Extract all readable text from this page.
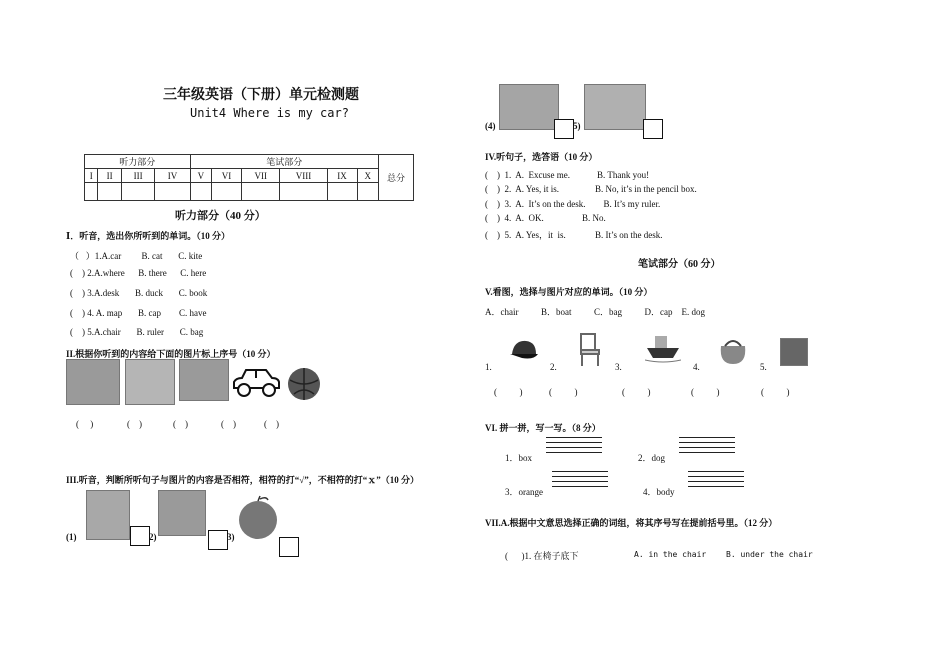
三年级英语（下册）单元检测题
Unit4 Where is my car?
听力部分				笔试部分						总分
I	II	III	IV	V	VI	VII	VIII	IX	X	

听力部分（40 分）
Ⅰ．听音，选出你所听到的单词。（10 分）
（   ）1.A.car         B. cat       C. kite
(    ) 2.A.where      B. there      C. here
(    ) 3.A.desk       B. duck       C. book
(    ) 4. A. map       B. cap        C. have
(    ) 5.A.chair       B. ruler       C. bag
II.根据你听到的内容给下面的图片标上序号（10 分）
(     )	(    )	(    )	(    )	(    )
III.听音，判断所听句子与图片的内容是否相符，相符的打“√”，不相符的打“ｘ”（10 分）
(1)	2)	3)
(4)	5)
IV.听句子，选答语（10 分）
(    )  1.  A.  Excuse me.            B. Thank you!
(    )  2.  A. Yes, it is.                B. No, it’s in the pencil box.
(    )  3.  A.  It’s on the desk.        B. It’s my ruler.
(    )  4.  A.  OK.                 B. No.
(    )  5.  A. Yes，it  is.             B. It’s on the desk.
笔试部分（60 分）
V.看图，选择与图片对应的单词。（10 分）
A．chair          B．boat          C．bag          D．cap    E. dog
1.	2.	3.	4.	5.
(          )	(          )	(          )	(          )	(          )
VI. 拼一拼，写一写。（8 分）
1．box	2．dog
3．orange	4．body
VII.A.根据中文意思选择正确的词组，将其序号写在提前括号里。（12 分）
(      )1. 在椅子底下	A. in the chair B. under the chair
